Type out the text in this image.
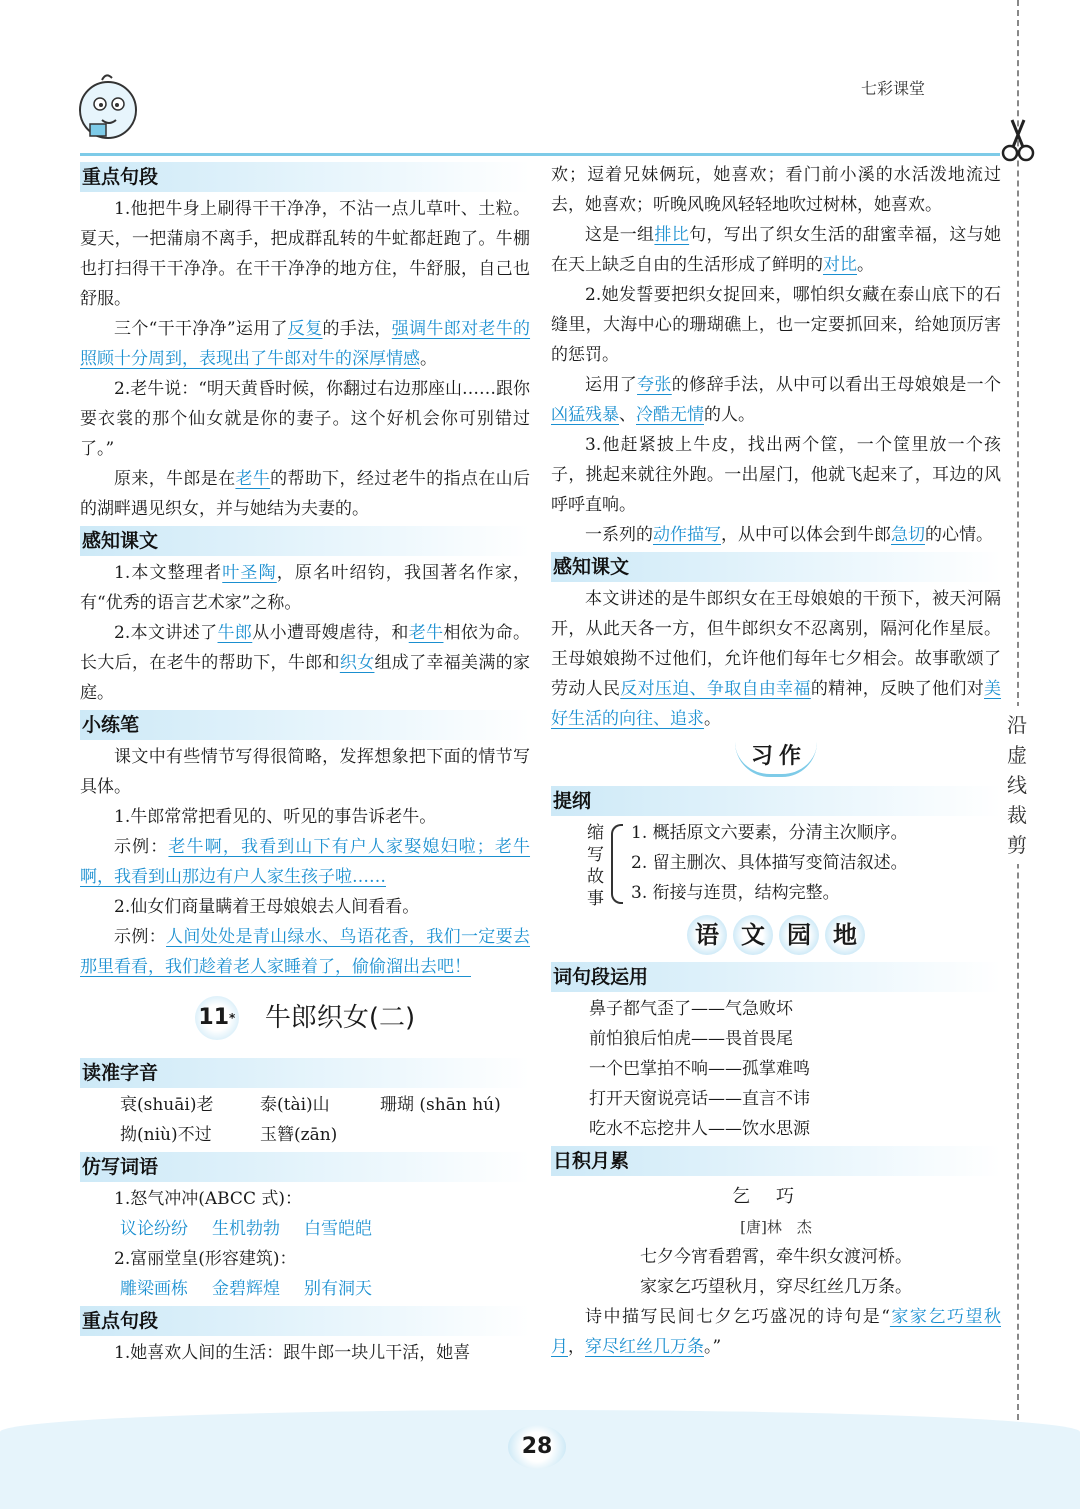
七彩课堂
沿
虚
线
裁
剪
重点句段

1.他把牛身上刷得干干净净，不沾一点儿草叶、土粒。夏天，一把蒲扇不离手，把成群乱转的牛虻都赶跑了。牛棚也打扫得干干净净。在干干净净的地方住，牛舒服，自己也舒服。

三个“干干净净”运用了反复的手法，强调牛郎对老牛的照顾十分周到，表现出了牛郎对牛的深厚情感。

2.老牛说：“明天黄昏时候，你翻过右边那座山……跟你要衣裳的那个仙女就是你的妻子。这个好机会你可别错过了。”

原来，牛郎是在老牛的帮助下，经过老牛的指点在山后的湖畔遇见织女，并与她结为夫妻的。

感知课文

1.本文整理者叶圣陶，原名叶绍钧，我国著名作家，有“优秀的语言艺术家”之称。

2.本文讲述了牛郎从小遭哥嫂虐待，和老牛相依为命。长大后，在老牛的帮助下，牛郎和织女组成了幸福美满的家庭。

小练笔

课文中有些情节写得很简略，发挥想象把下面的情节写具体。

1.牛郎常常把看见的、听见的事告诉老牛。

示例：老牛啊，我看到山下有户人家娶媳妇啦；老牛啊，我看到山那边有户人家生孩子啦……

2.仙女们商量瞒着王母娘娘去人间看看。

示例：人间处处是青山绿水、鸟语花香，我们一定要去那里看看，我们趁着老人家睡着了，偷偷溜出去吧！

11 * 牛郎织女(二)
读准字音
衰(shuāi)老	泰(tài)山	珊瑚 (shān hú)
拗(niù)不过	玉簪(zān)
仿写词语

1.怒气冲冲(ABCC 式)：

议论纷纷 生机勃勃 白雪皑皑

2.富丽堂皇(形容建筑)：

雕梁画栋 金碧辉煌 别有洞天
重点句段

1.她喜欢人间的生活：跟牛郎一块儿干活，她喜

欢；逗着兄妹俩玩，她喜欢；看门前小溪的水活泼地流过去，她喜欢；听晚风晚风轻轻地吹过树林，她喜欢。

这是一组排比句，写出了织女生活的甜蜜幸福，这与她在天上缺乏自由的生活形成了鲜明的对比。

2.她发誓要把织女捉回来，哪怕织女藏在泰山底下的石缝里，大海中心的珊瑚礁上，也一定要抓回来，给她顶厉害的惩罚。

运用了夸张的修辞手法，从中可以看出王母娘娘是一个凶猛残暴、冷酷无情的人。

3.他赶紧披上牛皮，找出两个筐，一个筐里放一个孩子，挑起来就往外跑。一出屋门，他就飞起来了，耳边的风呼呼直响。

一系列的动作描写，从中可以体会到牛郎急切的心情。

感知课文

本文讲述的是牛郎织女在王母娘娘的干预下，被天河隔开，从此天各一方，但牛郎织女不忍离别，隔河化作星辰。王母娘娘拗不过他们，允许他们每年七夕相会。故事歌颂了劳动人民反对压迫、争取自由幸福的精神，反映了他们对美好生活的向往、追求。

习作
提纲
缩写故事
1. 概括原文六要素，分清主次顺序。
2. 留主删次、具体描写变简洁叙述。
3. 衔接与连贯，结构完整。
语 文 园 地
词句段运用
鼻子都气歪了——气急败坏
前怕狼后怕虎——畏首畏尾
一个巴掌拍不响——孤掌难鸣
打开天窗说亮话——直言不讳
吃水不忘挖井人——饮水思源
日积月累
乞巧
[唐]林　杰
七夕今宵看碧霄，牵牛织女渡河桥。
家家乞巧望秋月，穿尽红丝几万条。

诗中描写民间七夕乞巧盛况的诗句是“家家乞巧望秋月，穿尽红丝几万条。”

28
